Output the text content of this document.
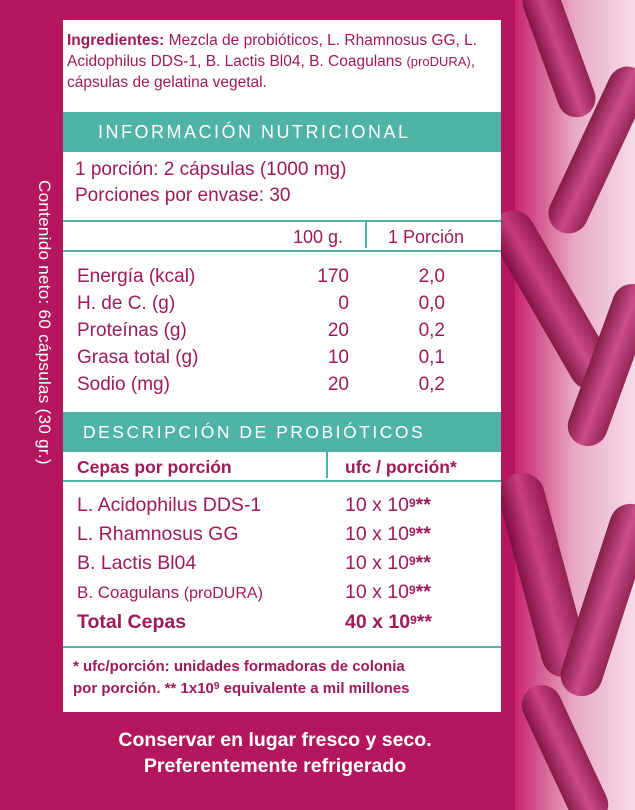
Contenido neto: 60 cápsulas (30 gr.)
Ingredientes: Mezcla de probióticos, L. Rhamnosus GG, L. Acidophilus DDS-1, B. Lactis Bl04, B. Coagulans (proDURA), cápsulas de gelatina vegetal.
INFORMACIÓN NUTRICIONAL
1 porción: 2 cápsulas (1000 mg)
Porciones por envase: 30
100 g. 1 Porción
Energía (kcal)	170	2,0
H. de C. (g)	0	0,0
Proteínas (g)	20	0,2
Grasa total (g)	10	0,1
Sodio (mg)	20	0,2
DESCRIPCIÓN DE PROBIÓTICOS
Cepas por porción	ufc / porción*
L. Acidophilus DDS-1	10 x $10^9**$
L. Rhamnosus GG	10 x $10^9**$
B. Lactis Bl04	10 x $10^9**$
B. Coagulans (proDURA)	10 x $10^9**$
Total Cepas	40 x $10^9**$
* ufc/porción: unidades formadoras de colonia
por porción. ** $1x10^9$ equivalente a mil millones
Conservar en lugar fresco y seco.
Preferentemente refrigerado
